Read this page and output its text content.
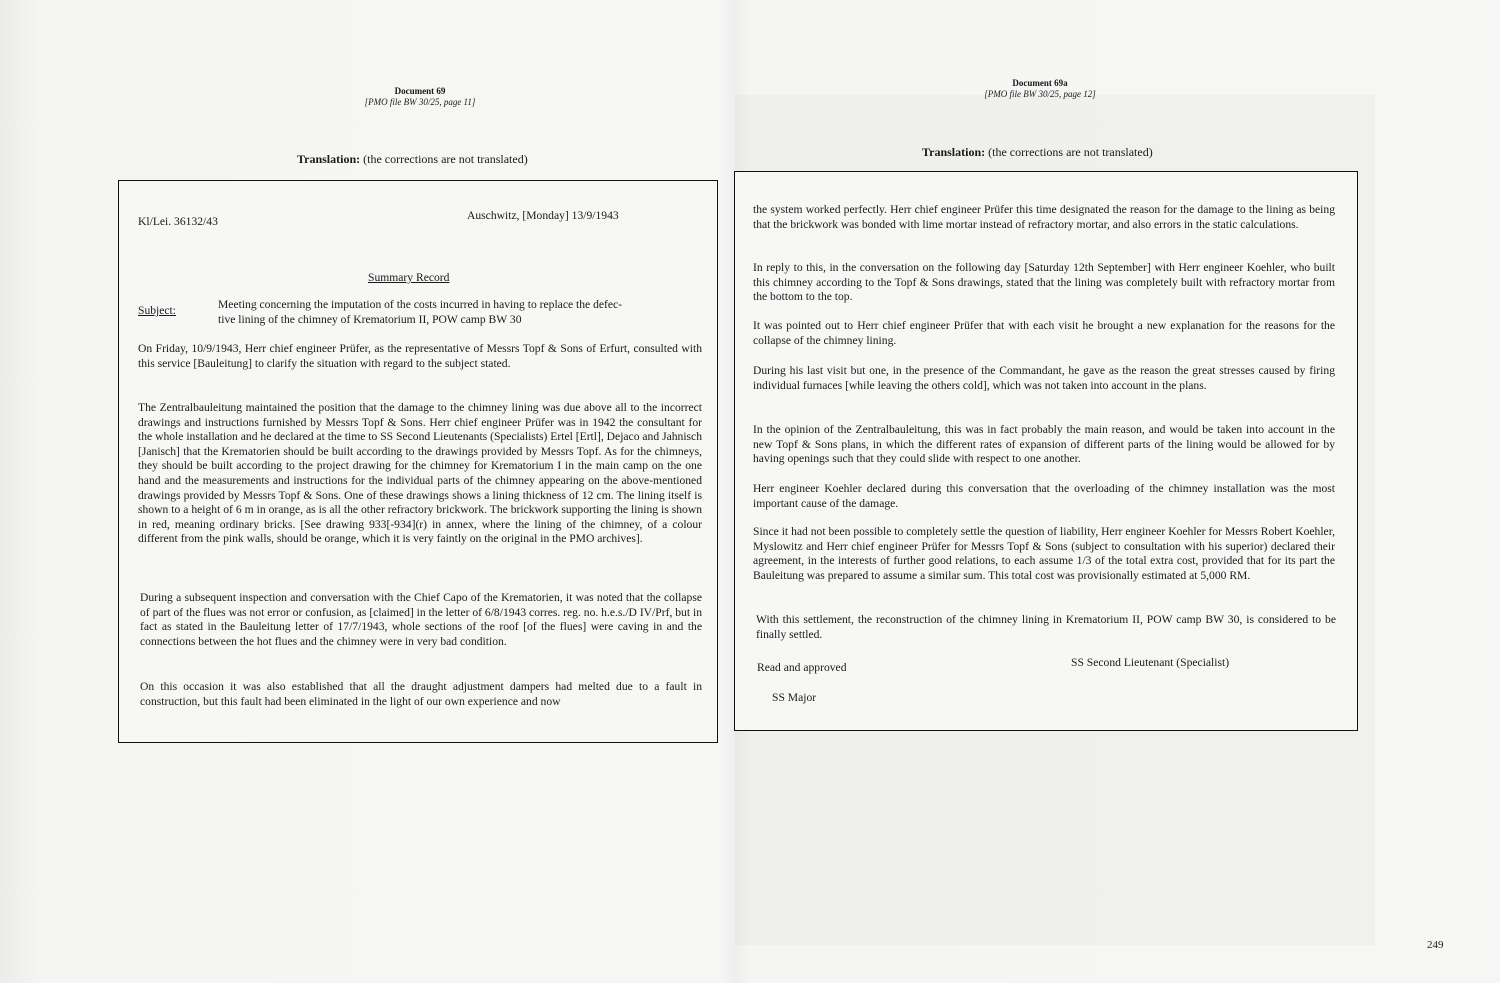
Document 69
[PMO file BW 30/25, page 11]
Translation: (the corrections are not translated)
Kl/Lei. 36132/43	Auschwitz, [Monday] 13/9/1943
Summary Record
Subject:	Meeting concerning the imputation of the costs incurred in having to replace the defec-
tive lining of the chimney of Krematorium II, POW camp BW 30
On Friday, 10/9/1943, Herr chief engineer Prüfer, as the representative of Messrs Topf & Sons of Erfurt, consulted with this service [Bauleitung] to clarify the situation with regard to the subject stated.
The Zentralbauleitung maintained the position that the damage to the chimney lining was due above all to the incorrect drawings and instructions furnished by Messrs Topf & Sons. Herr chief engineer Prüfer was in 1942 the consultant for the whole installation and he declared at the time to SS Second Lieutenants (Specialists) Ertel [Ertl], Dejaco and Jahnisch [Janisch] that the Krematorien should be built according to the drawings provided by Messrs Topf. As for the chimneys, they should be built according to the project drawing for the chimney for Krematorium I in the main camp on the one hand and the measurements and instructions for the individual parts of the chimney appearing on the above-mentioned drawings provided by Messrs Topf & Sons. One of these drawings shows a lining thickness of 12 cm. The lining itself is shown to a height of 6 m in orange, as is all the other refractory brickwork. The brickwork supporting the lining is shown in red, meaning ordinary bricks. [See drawing 933[-934](r) in annex, where the lining of the chimney, of a colour different from the pink walls, should be orange, which it is very faintly on the original in the PMO archives].
During a subsequent inspection and conversation with the Chief Capo of the Krematorien, it was noted that the collapse of part of the flues was not error or confusion, as [claimed] in the letter of 6/8/1943 corres. reg. no. h.e.s./D IV/Prf, but in fact as stated in the Bauleitung letter of 17/7/1943, whole sections of the roof [of the flues] were caving in and the connections between the hot flues and the chimney were in very bad condition.
On this occasion it was also established that all the draught adjustment dampers had melted due to a fault in construction, but this fault had been eliminated in the light of our own experience and now
Document 69a
[PMO file BW 30/25, page 12]
Translation: (the corrections are not translated)
the system worked perfectly. Herr chief engineer Prüfer this time designated the reason for the damage to the lining as being that the brickwork was bonded with lime mortar instead of refractory mortar, and also errors in the static calculations.
In reply to this, in the conversation on the following day [Saturday 12th September] with Herr engineer Koehler, who built this chimney according to the Topf & Sons drawings, stated that the lining was completely built with refractory mortar from the bottom to the top.
It was pointed out to Herr chief engineer Prüfer that with each visit he brought a new explanation for the reasons for the collapse of the chimney lining.
During his last visit but one, in the presence of the Commandant, he gave as the reason the great stresses caused by firing individual furnaces [while leaving the others cold], which was not taken into account in the plans.
In the opinion of the Zentralbauleitung, this was in fact probably the main reason, and would be taken into account in the new Topf & Sons plans, in which the different rates of expansion of different parts of the lining would be allowed for by having openings such that they could slide with respect to one another.
Herr engineer Koehler declared during this conversation that the overloading of the chimney installation was the most important cause of the damage.
Since it had not been possible to completely settle the question of liability, Herr engineer Koehler for Messrs Robert Koehler, Myslowitz and Herr chief engineer Prüfer for Messrs Topf & Sons (subject to consultation with his superior) declared their agreement, in the interests of further good relations, to each assume 1/3 of the total extra cost, provided that for its part the Bauleitung was prepared to assume a similar sum. This total cost was provisionally estimated at 5,000 RM.
With this settlement, the reconstruction of the chimney lining in Krematorium II, POW camp BW 30, is considered to be finally settled.
Read and approved	SS Second Lieutenant (Specialist)
SS Major
249
